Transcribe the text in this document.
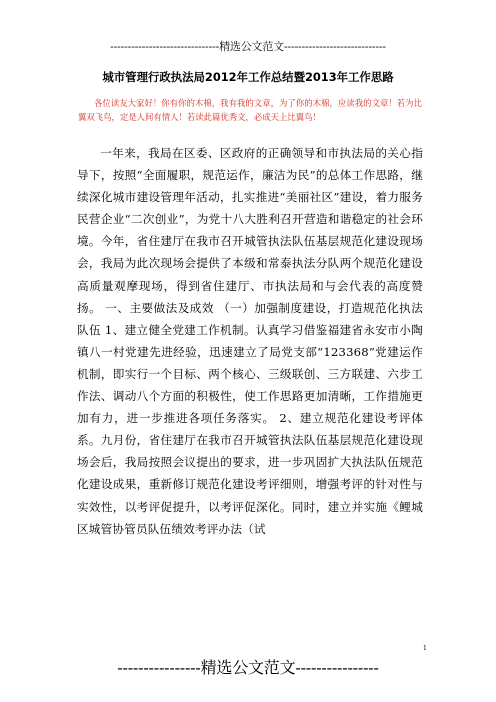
-------------------------------精选公文范文-----------------------------
城市管理行政执法局2012年工作总结暨2013年工作思路
各位读友大家好！你有你的木棉，我有我的文章，为了你的木棉，应读我的文章！若为比翼双飞鸟，定是人间有情人！若读此篇优秀文，必成天上比翼鸟！
一年来，我局在区委、区政府的正确领导和市执法局的关心指导下，按照“全面履职，规范运作，廉洁为民”的总体工作思路，继续深化城市建设管理年活动，扎实推进“美丽社区”建设，着力服务民营企业“二次创业”，为党十八大胜利召开营造和谐稳定的社会环境。今年，省住建厅在我市召开城管执法队伍基层规范化建设现场会，我局为此次现场会提供了本级和常泰执法分队两个规范化建设高质量观摩现场，得到省住建厅、市执法局和与会代表的高度赞扬。 一、主要做法及成效 （一）加强制度建设，打造规范化执法队伍 1、建立健全党建工作机制。认真学习借鉴福建省永安市小陶镇八一村党建先进经验，迅速建立了局党支部“123368”党建运作机制，即实行一个目标、两个核心、三级联创、三方联建、六步工作法、调动八个方面的积极性，使工作思路更加清晰，工作措施更加有力，进一步推进各项任务落实。 2、建立规范化建设考评体系。九月份，省住建厅在我市召开城管执法队伍基层规范化建设现场会后，我局按照会议提出的要求，进一步巩固扩大执法队伍规范化建设成果，重新修订规范化建设考评细则，增强考评的针对性与实效性，以考评促提升，以考评促深化。同时，建立并实施《鲤城区城管协管员队伍绩效考评办法（试
1
----------------精选公文范文----------------
